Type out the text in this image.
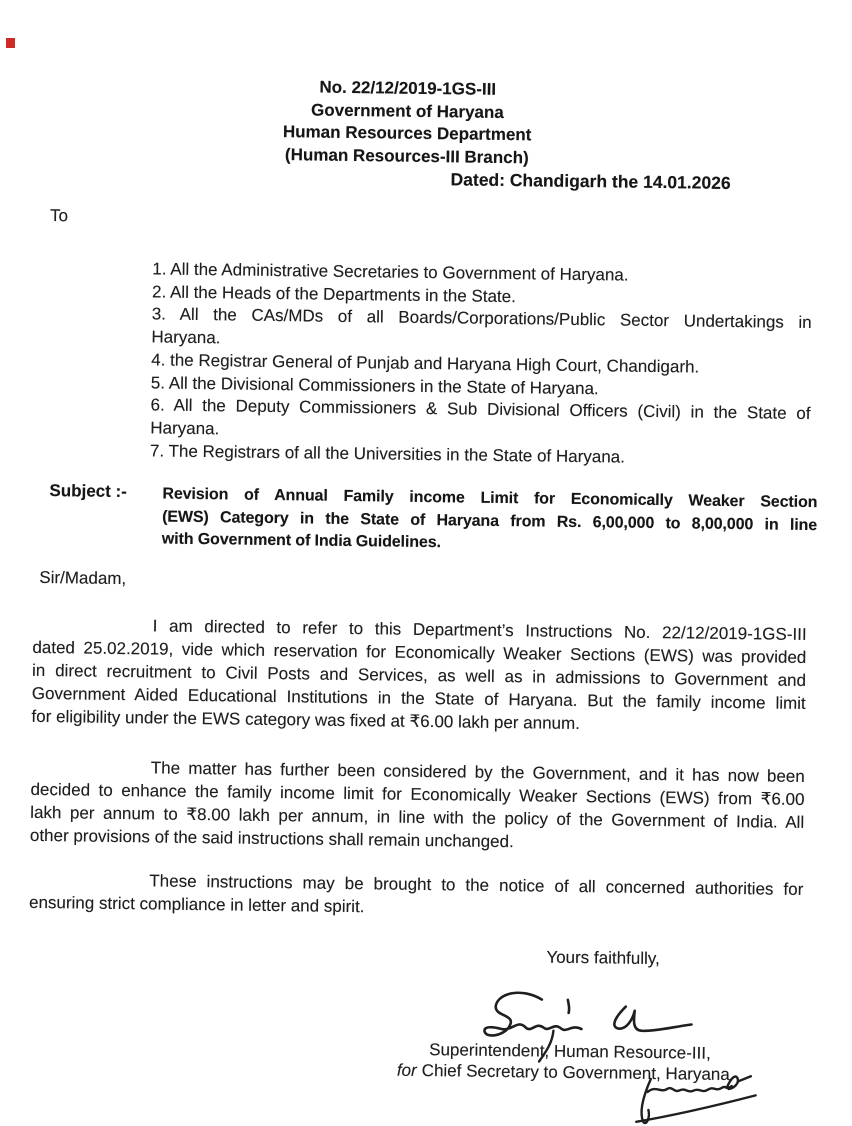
No. 22/12/2019-1GS-III
Government of Haryana
Human Resources Department
(Human Resources-III Branch)
Dated: Chandigarh the 14.01.2026
To
1. All the Administrative Secretaries to Government of Haryana.
2. All the Heads of the Departments in the State.
3. All the CAs/MDs of all Boards/Corporations/Public Sector Undertakings in
Haryana.
4. the Registrar General of Punjab and Haryana High Court, Chandigarh.
5. All the Divisional Commissioners in the State of Haryana.
6. All the Deputy Commissioners & Sub Divisional Officers (Civil) in the State of
Haryana.
7. The Registrars of all the Universities in the State of Haryana.
Subject :- Revision of Annual Family income Limit for Economically Weaker Section
(EWS) Category in the State of Haryana from Rs. 6,00,000 to 8,00,000 in line
with Government of India Guidelines.
Sir/Madam,
I am directed to refer to this Department’s Instructions No. 22/12/2019-1GS-III
dated 25.02.2019, vide which reservation for Economically Weaker Sections (EWS) was provided
in direct recruitment to Civil Posts and Services, as well as in admissions to Government and
Government Aided Educational Institutions in the State of Haryana. But the family income limit
for eligibility under the EWS category was fixed at ₹6.00 lakh per annum.
The matter has further been considered by the Government, and it has now been
decided to enhance the family income limit for Economically Weaker Sections (EWS) from ₹6.00
lakh per annum to ₹8.00 lakh per annum, in line with the policy of the Government of India. All
other provisions of the said instructions shall remain unchanged.
These instructions may be brought to the notice of all concerned authorities for
ensuring strict compliance in letter and spirit.
Yours faithfully,
Superintendent, Human Resource-III,
for Chief Secretary to Government, Haryana
